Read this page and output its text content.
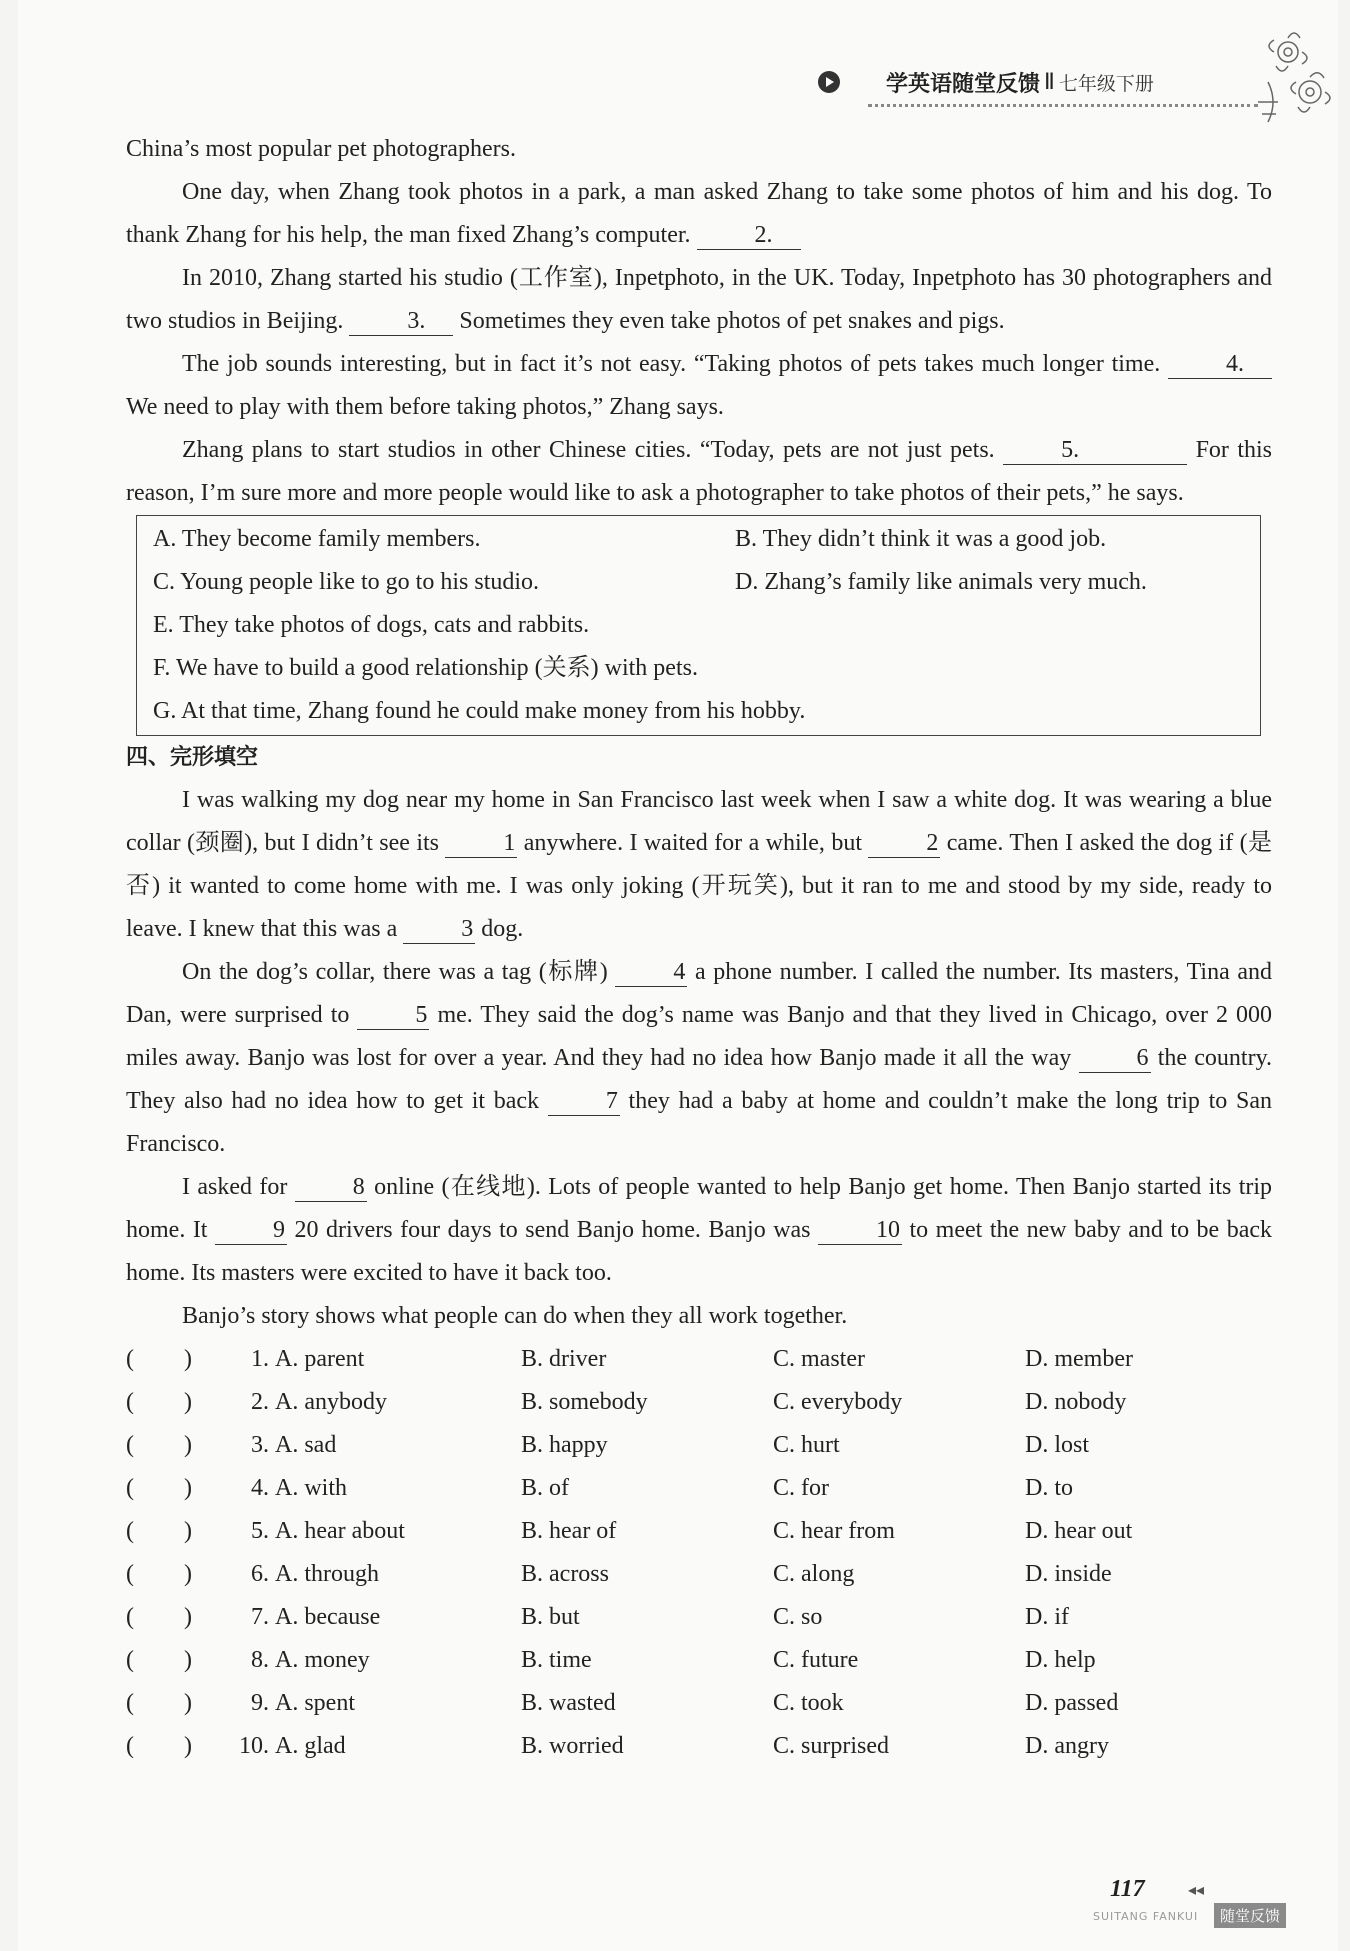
学英语随堂反馈 Ⅱ 七年级下册

China’s most popular pet photographers.

One day, when Zhang took photos in a park, a man asked Zhang to take some photos of him and his dog. To thank Zhang for his help, the man fixed Zhang’s computer.	2.

In 2010, Zhang started his studio (工作室), Inpetphoto, in the UK. Today, Inpetphoto has 30 photographers and two studios in Beijing.	3. Sometimes they even take photos of pet snakes and pigs.

The job sounds interesting, but in fact it’s not easy. “Taking photos of pets takes much longer time.	4. We need to play with them before taking photos,” Zhang says.

Zhang plans to start studios in other Chinese cities. “Today, pets are not just pets.	5.	For this reason, I’m sure more and more people would like to ask a photographer to take photos of their pets,” he says.

A. They become family members.	B. They didn’t think it was a good job.
C. Young people like to go to his studio.	D. Zhang’s family like animals very much.
E. They take photos of dogs, cats and rabbits.
F. We have to build a good relationship (关系) with pets.
G. At that time, Zhang found he could make money from his hobby.
四、完形填空

I was walking my dog near my home in San Francisco last week when I saw a white dog. It was wearing a blue collar (颈圈), but I didn’t see its	1 anywhere. I waited for a while, but	2 came. Then I asked the dog if (是否) it wanted to come home with me. I was only joking (开玩笑), but it ran to me and stood by my side, ready to leave. I knew that this was a	3 dog.

On the dog’s collar, there was a tag (标牌)	4 a phone number. I called the number. Its masters, Tina and Dan, were surprised to	5 me. They said the dog’s name was Banjo and that they lived in Chicago, over 2 000 miles away. Banjo was lost for over a year. And they had no idea how Banjo made it all the way	6 the country. They also had no idea how to get it back	7 they had a baby at home and couldn’t make the long trip to San Francisco.

I asked for	8 online (在线地). Lots of people wanted to help Banjo get home. Then Banjo started its trip home. It	9 20 drivers four days to send Banjo home. Banjo was	10 to meet the new baby and to be back home. Its masters were excited to have it back too.

Banjo’s story shows what people can do when they all work together.

( )	1. A. parent	B. driver	C. master	D. member
( )	2. A. anybody	B. somebody	C. everybody	D. nobody
( )	3. A. sad	B. happy	C. hurt	D. lost
( )	4. A. with	B. of	C. for	D. to
( )	5. A. hear about	B. hear of	C. hear from	D. hear out
( )	6. A. through	B. across	C. along	D. inside
( )	7. A. because	B. but	C. so	D. if
( )	8. A. money	B. time	C. future	D. help
( )	9. A. spent	B. wasted	C. took	D. passed
( )	10. A. glad	B. worried	C. surprised	D. angry
117	◂◂
SUITANG FANKUI	随堂反馈
